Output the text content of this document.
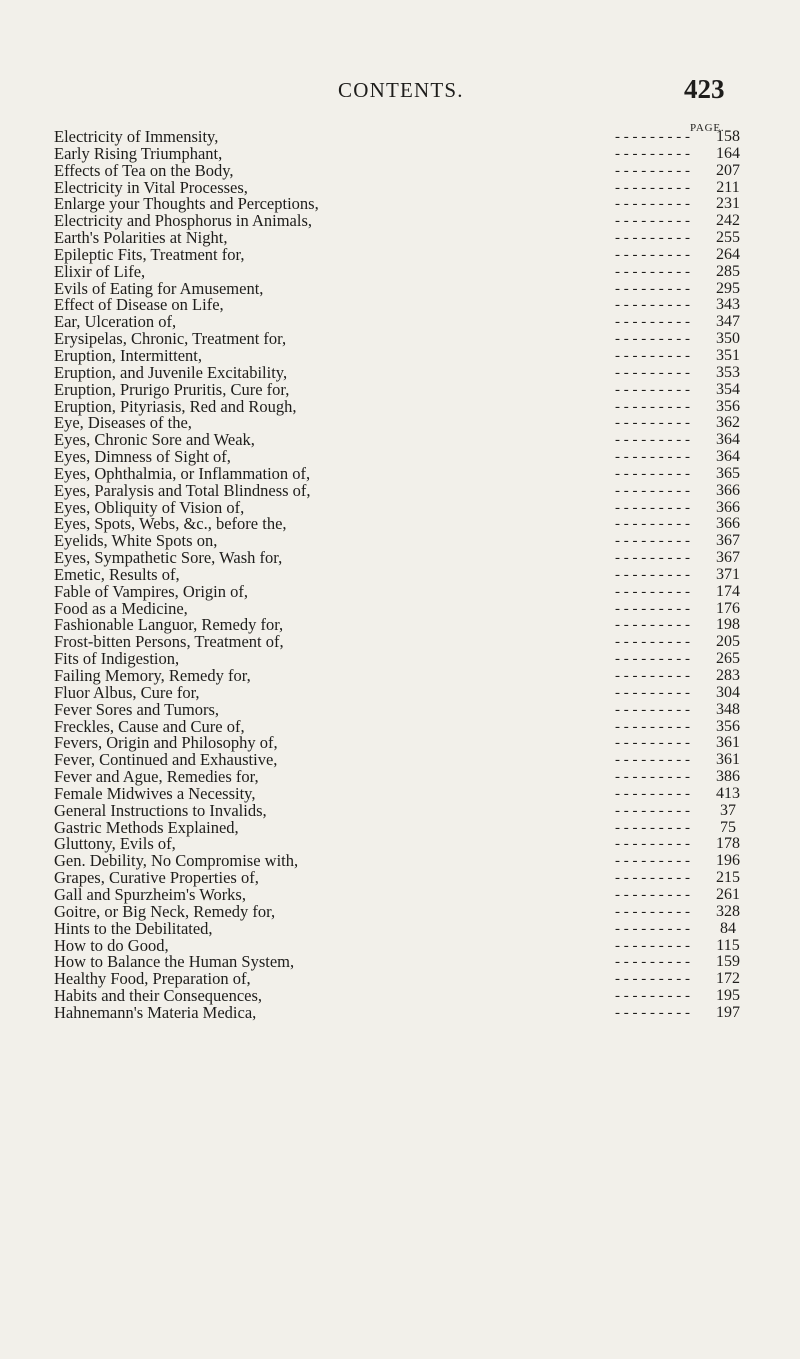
CONTENTS.	423
PAGE.
Electricity of Immensity,	- - - - - - - - -	158
Early Rising Triumphant,	- - - - - - - - -	164
Effects of Tea on the Body,	- - - - - - - - -	207
Electricity in Vital Processes,	- - - - - - - - -	211
Enlarge your Thoughts and Perceptions,	- - - - - - - - -	231
Electricity and Phosphorus in Animals,	- - - - - - - - -	242
Earth's Polarities at Night,	- - - - - - - - -	255
Epileptic Fits, Treatment for,	- - - - - - - - -	264
Elixir of Life,	- - - - - - - - -	285
Evils of Eating for Amusement,	- - - - - - - - -	295
Effect of Disease on Life,	- - - - - - - - -	343
Ear, Ulceration of,	- - - - - - - - -	347
Erysipelas, Chronic, Treatment for,	- - - - - - - - -	350
Eruption, Intermittent,	- - - - - - - - -	351
Eruption, and Juvenile Excitability,	- - - - - - - - -	353
Eruption, Prurigo Pruritis, Cure for,	- - - - - - - - -	354
Eruption, Pityriasis, Red and Rough,	- - - - - - - - -	356
Eye, Diseases of the,	- - - - - - - - -	362
Eyes, Chronic Sore and Weak,	- - - - - - - - -	364
Eyes, Dimness of Sight of,	- - - - - - - - -	364
Eyes, Ophthalmia, or Inflammation of,	- - - - - - - - -	365
Eyes, Paralysis and Total Blindness of,	- - - - - - - - -	366
Eyes, Obliquity of Vision of,	- - - - - - - - -	366
Eyes, Spots, Webs, &c., before the,	- - - - - - - - -	366
Eyelids, White Spots on,	- - - - - - - - -	367
Eyes, Sympathetic Sore, Wash for,	- - - - - - - - -	367
Emetic, Results of,	- - - - - - - - -	371
Fable of Vampires, Origin of,	- - - - - - - - -	174
Food as a Medicine,	- - - - - - - - -	176
Fashionable Languor, Remedy for,	- - - - - - - - -	198
Frost-bitten Persons, Treatment of,	- - - - - - - - -	205
Fits of Indigestion,	- - - - - - - - -	265
Failing Memory, Remedy for,	- - - - - - - - -	283
Fluor Albus, Cure for,	- - - - - - - - -	304
Fever Sores and Tumors,	- - - - - - - - -	348
Freckles, Cause and Cure of,	- - - - - - - - -	356
Fevers, Origin and Philosophy of,	- - - - - - - - -	361
Fever, Continued and Exhaustive,	- - - - - - - - -	361
Fever and Ague, Remedies for,	- - - - - - - - -	386
Female Midwives a Necessity,	- - - - - - - - -	413
General Instructions to Invalids,	- - - - - - - - -	37
Gastric Methods Explained,	- - - - - - - - -	75
Gluttony, Evils of,	- - - - - - - - -	178
Gen. Debility, No Compromise with,	- - - - - - - - -	196
Grapes, Curative Properties of,	- - - - - - - - -	215
Gall and Spurzheim's Works,	- - - - - - - - -	261
Goitre, or Big Neck, Remedy for,	- - - - - - - - -	328
Hints to the Debilitated,	- - - - - - - - -	84
How to do Good,	- - - - - - - - -	115
How to Balance the Human System,	- - - - - - - - -	159
Healthy Food, Preparation of,	- - - - - - - - -	172
Habits and their Consequences,	- - - - - - - - -	195
Hahnemann's Materia Medica,	- - - - - - - - -	197
